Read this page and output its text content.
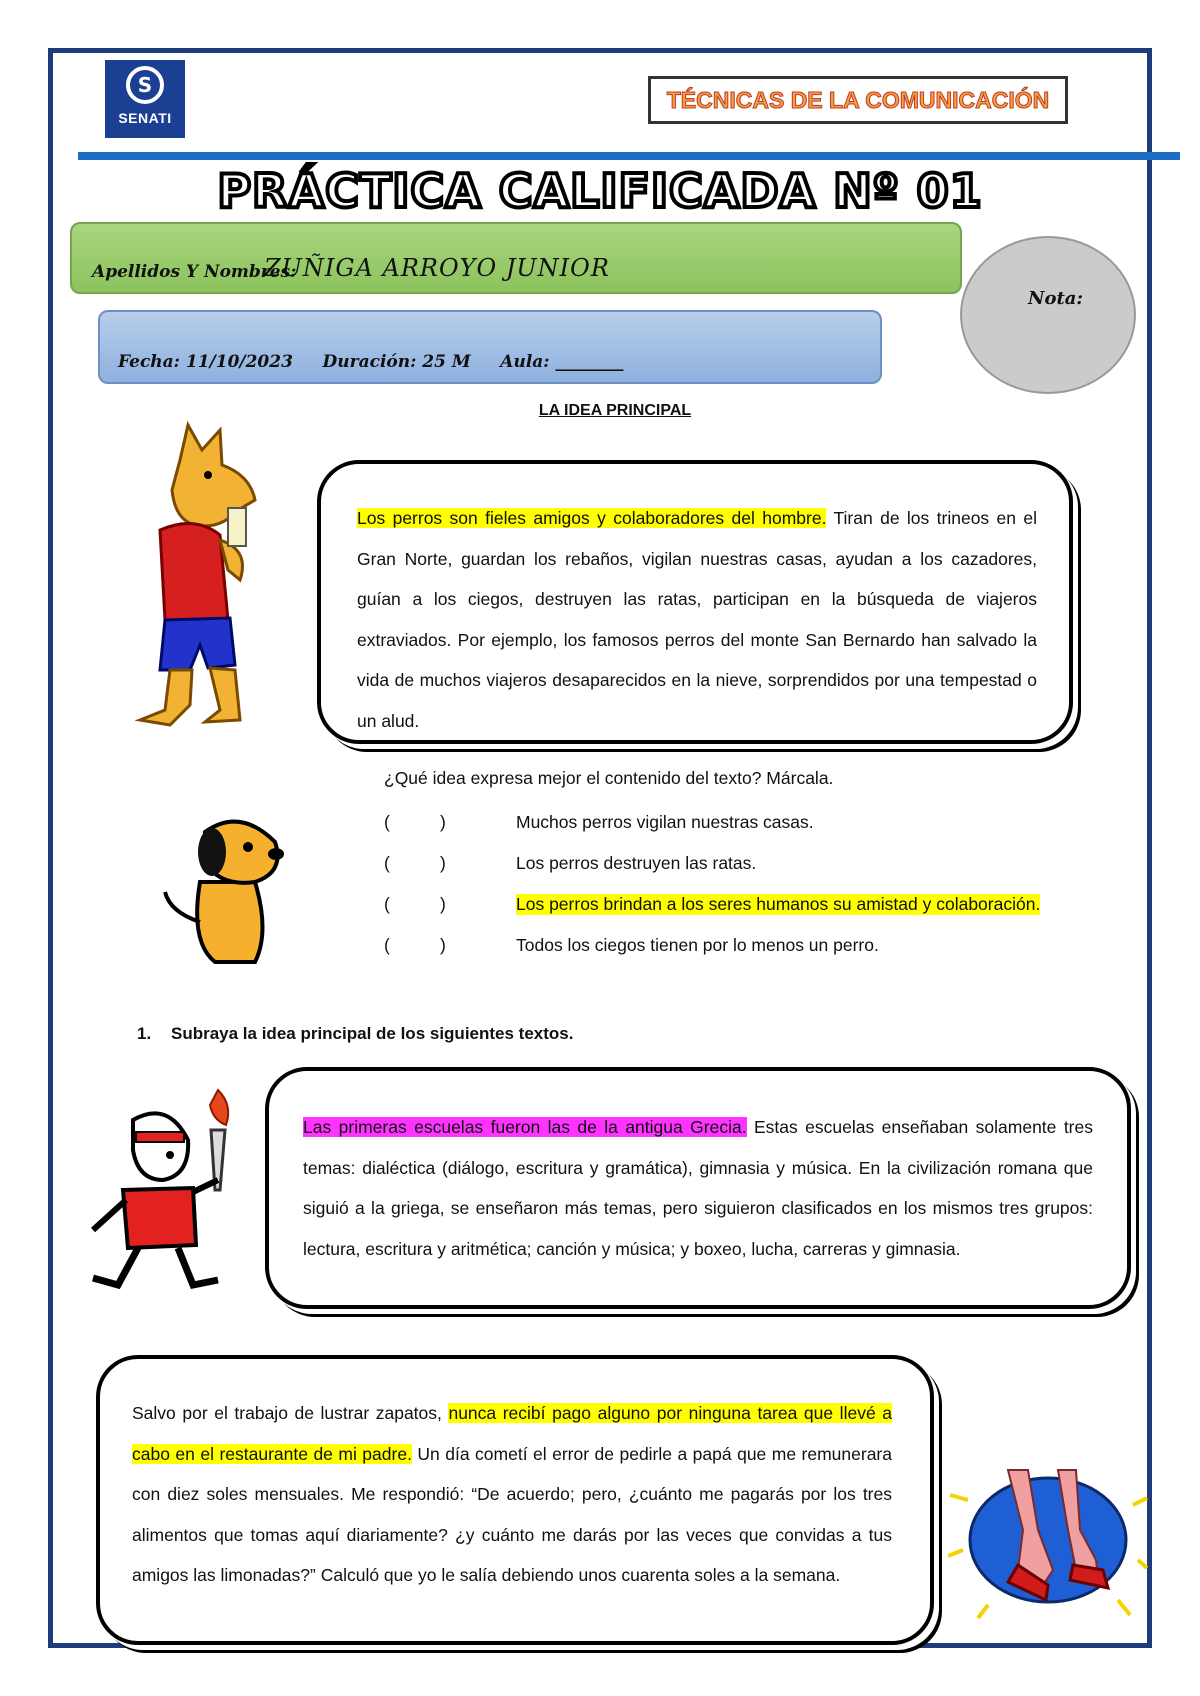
S
SENATI
TÉCNICAS DE LA COMUNICACIÓN
PRÁCTICA CALIFICADA Nº 01
Apellidos Y Nombres:
ZUÑIGA ARROYO JUNIOR
Fecha: 11/10/2023     Duración: 25 M     Aula: ________
Nota:
LA IDEA PRINCIPAL
Los perros son fieles amigos y colaboradores del hombre. Tiran de los trineos en el Gran Norte, guardan los rebaños, vigilan nuestras casas, ayudan a los cazadores, guían a los ciegos, destruyen las ratas, participan en la búsqueda de viajeros extraviados. Por ejemplo, los famosos perros del monte San Bernardo han salvado la vida de muchos viajeros desaparecidos en la nieve, sorprendidos por una tempestad o un alud.
¿Qué idea expresa mejor el contenido del texto? Márcala.
(	)	Muchos perros vigilan nuestras casas.
(	)	Los perros destruyen las ratas.
(	)	Los perros brindan a los seres humanos su amistad y colaboración.
(	)	Todos los ciegos tienen por lo menos un perro.
1. Subraya la idea principal de los siguientes textos.
Las primeras escuelas fueron las de la antigua Grecia. Estas escuelas enseñaban solamente tres temas: dialéctica (diálogo, escritura y gramática), gimnasia y música. En la civilización romana que siguió a la griega, se enseñaron más temas, pero siguieron clasificados en los mismos tres grupos: lectura, escritura y aritmética; canción y música; y boxeo, lucha, carreras y gimnasia.
Salvo por el trabajo de lustrar zapatos, nunca recibí pago alguno por ninguna tarea que llevé a cabo en el restaurante de mi padre. Un día cometí el error de pedirle a papá que me remunerara con diez soles mensuales. Me respondió: “De acuerdo; pero, ¿cuánto me pagarás por los tres alimentos que tomas aquí diariamente? ¿y cuánto me darás por las veces que convidas a tus amigos las limonadas?” Calculó que yo le salía debiendo unos cuarenta soles a la semana.
